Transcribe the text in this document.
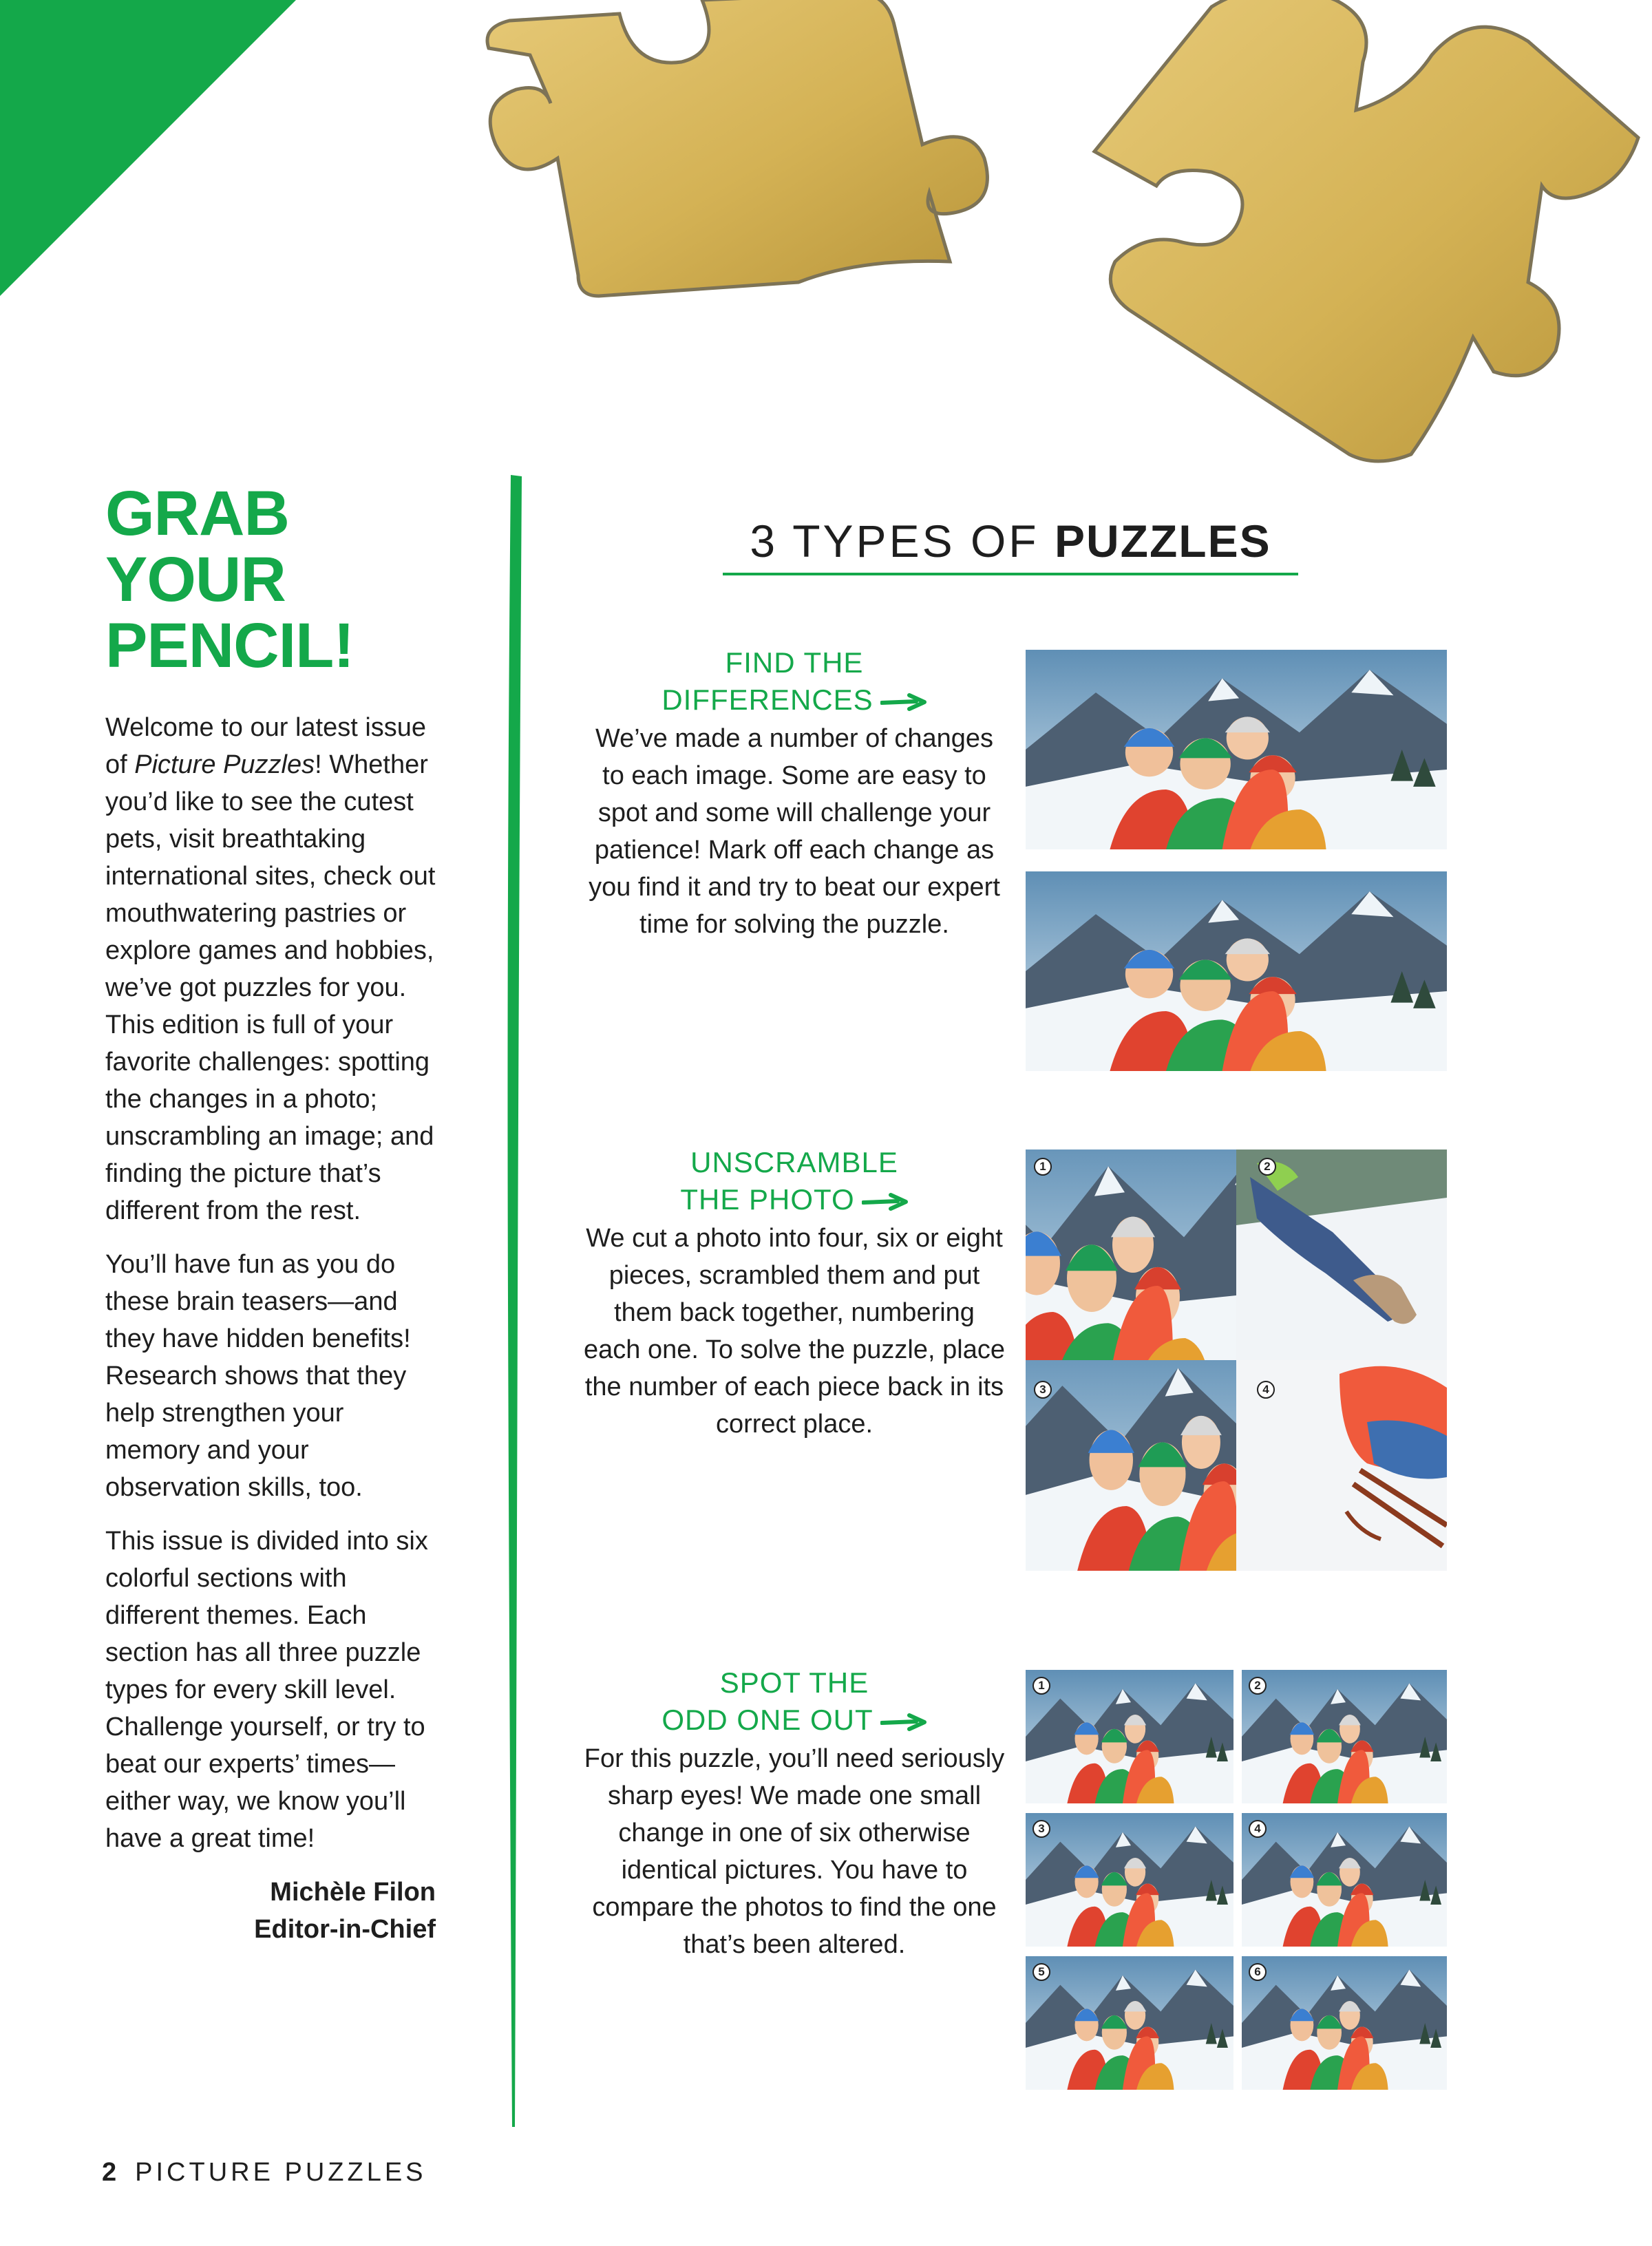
GRAB
YOUR
PENCIL!

Welcome to our latest issue of Picture Puzzles! Whether you’d like to see the cutest pets, visit breathtaking international sites, check out mouthwatering pastries or explore games and hobbies, we’ve got puzzles for you. This edition is full of your favorite challenges: spotting the changes in a photo; unscrambling an image; and finding the picture that’s different from the rest.

You’ll have fun as you do these brain teasers—and they have hidden benefits! Research shows that they help strengthen your memory and your observation skills, too.

This issue is divided into six colorful sections with different themes. Each section has all three puzzle types for every skill level. Challenge yourself, or try to beat our experts’ times—either way, we know you’ll have a great time!

Michèle Filon
Editor-in-Chief
3 TYPES OF PUZZLES
FIND THE
DIFFERENCES
We’ve made a number of changes to each image. Some are easy to spot and some will challenge your patience! Mark off each change as you find it and try to beat our expert time for solving the puzzle.
UNSCRAMBLE
THE PHOTO
We cut a photo into four, six or eight pieces, scrambled them and put them back together, numbering each one. To solve the puzzle, place the number of each piece back in its correct place.
1	2
3	4
SPOT THE
ODD ONE OUT
For this puzzle, you’ll need seriously sharp eyes! We made one small change in one of six otherwise identical pictures. You have to compare the photos to find the one that’s been altered.
1	2
3	4
5	6
2 PICTURE PUZZLES
